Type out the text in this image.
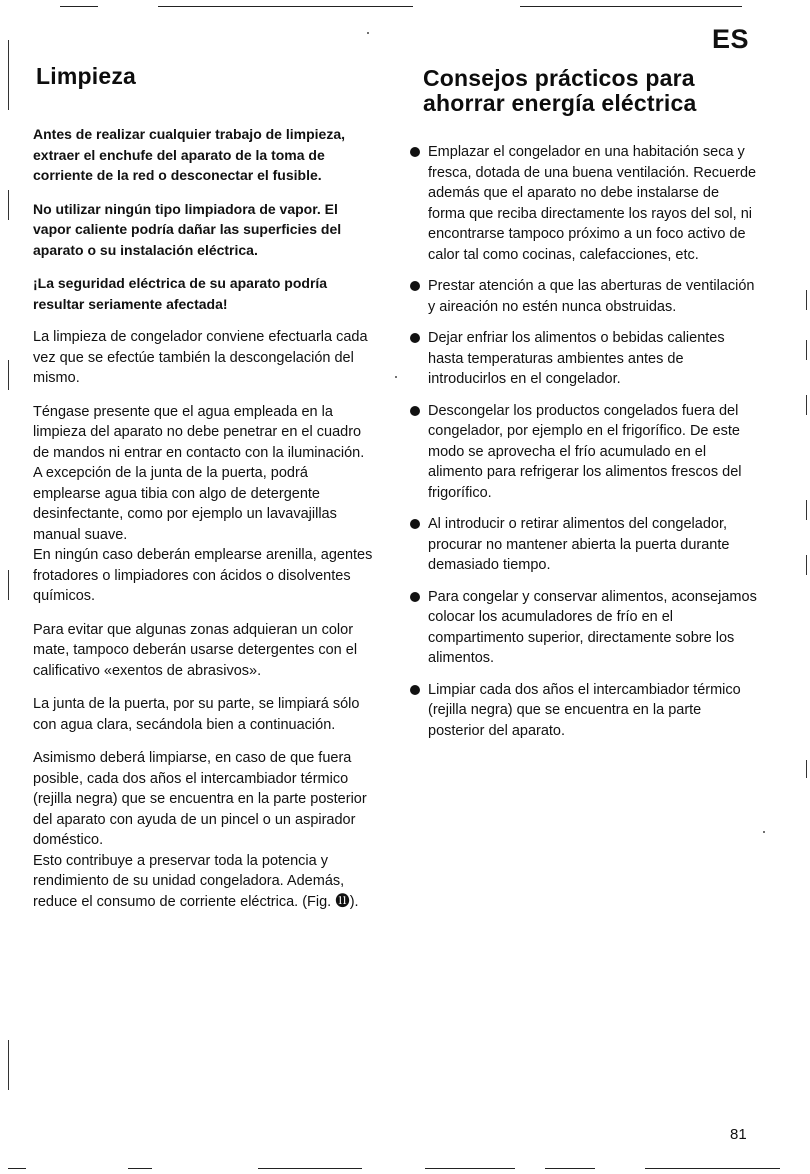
ES
Limpieza

Antes de realizar cualquier trabajo de limpieza, extraer el enchufe del aparato de la toma de corriente de la red o desconectar el fusible.

No utilizar ningún tipo limpiadora de vapor. El vapor caliente podría dañar las superficies del aparato o su instalación eléctrica.

¡La seguridad eléctrica de su aparato podría resultar seriamente afectada!

La limpieza de congelador conviene efectuarla cada vez que se efectúe también la descongelación del mismo.

Téngase presente que el agua empleada en la limpieza del aparato no debe penetrar en el cuadro de mandos ni entrar en contacto con la iluminación. A excepción de la junta de la puerta, podrá emplearse agua tibia con algo de detergente desinfectante, como por ejemplo un lavavajillas manual suave.

En ningún caso deberán emplearse arenilla, agentes frotadores o limpiadores con ácidos o disolventes químicos.

Para evitar que algunas zonas adquieran un color mate, tampoco deberán usarse detergentes con el calificativo «exentos de abrasivos».

La junta de la puerta, por su parte, se limpiará sólo con agua clara, secándola bien a continuación.

Asimismo deberá limpiarse, en caso de que fuera posible, cada dos años el intercambiador térmico (rejilla negra) que se encuentra en la parte posterior del aparato con ayuda de un pincel o un aspirador doméstico.

Esto contribuye a preservar toda la potencia y rendimiento de su unidad congeladora. Además, reduce el consumo de corriente eléctrica. (Fig. ⓫).

Consejos prácticos para ahorrar energía eléctrica
Emplazar el congelador en una habitación seca y fresca, dotada de una buena ventilación. Recuerde además que el aparato no debe instalarse de forma que reciba directamente los rayos del sol, ni encontrarse tampoco próximo a un foco activo de calor tal como cocinas, calefacciones, etc.
Prestar atención a que las aberturas de ventilación y aireación no estén nunca obstruidas.
Dejar enfriar los alimentos o bebidas calientes hasta temperaturas ambientes antes de introducirlos en el congelador.
Descongelar los productos congelados fuera del congelador, por ejemplo en el frigorífico. De este modo se aprovecha el frío acumulado en el alimento para refrigerar los alimentos frescos del frigorífico.
Al introducir o retirar alimentos del congelador, procurar no mantener abierta la puerta durante demasiado tiempo.
Para congelar y conservar alimentos, aconsejamos colocar los acumuladores de frío en el compartimento superior, directamente sobre los alimentos.
Limpiar cada dos años el intercambiador térmico (rejilla negra) que se encuentra en la parte posterior del aparato.
81
